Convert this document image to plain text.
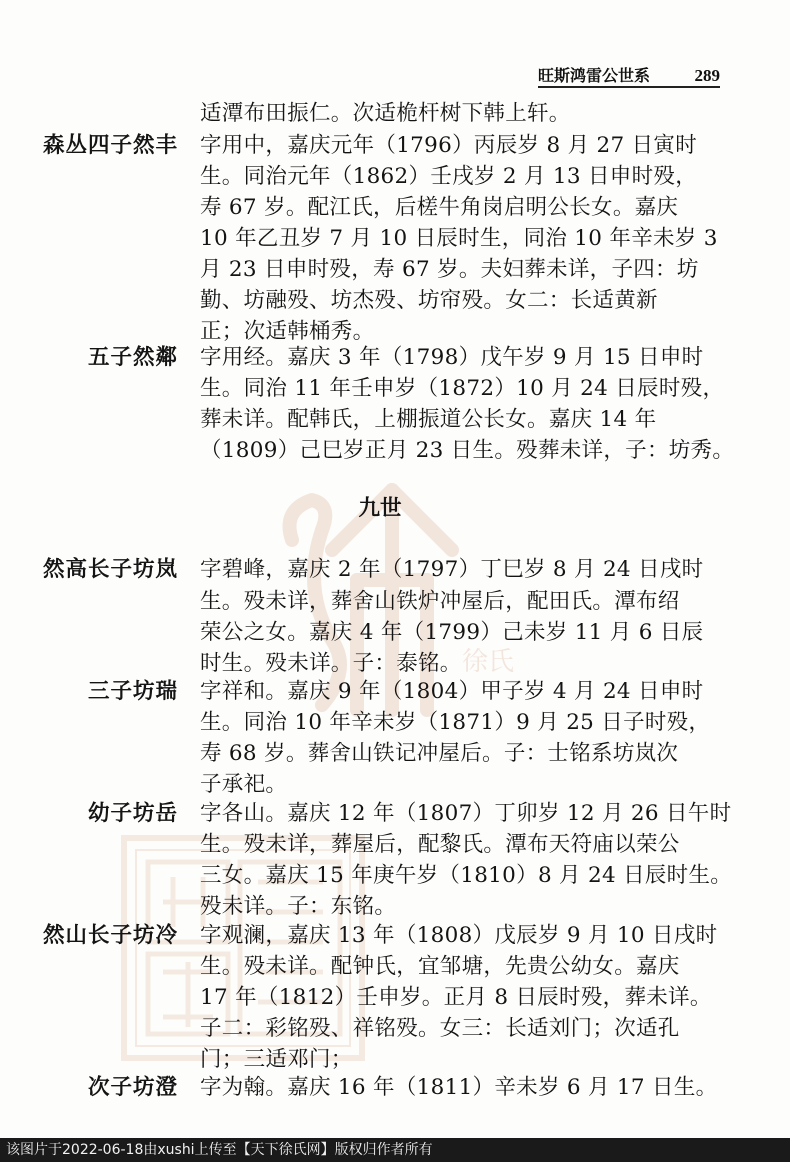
徐氏
旺斯鸿雷公世系	289
适潭布田振仁。次适桅杆树下韩上轩。
森丛四子然丰 字用中，嘉庆元年（1796）丙辰岁 8 月 27 日寅时
生。同治元年（1862）壬戌岁 2 月 13 日申时殁，
寿 67 岁。配江氏，后槎牛角岗启明公长女。嘉庆
10 年乙丑岁 7 月 10 日辰时生，同治 10 年辛未岁 3
月 23 日申时殁，寿 67 岁。夫妇葬未详，子四：坊
勤、坊融殁、坊杰殁、坊帘殁。女二：长适黄新
正；次适韩桶秀。
五子然鄰 字用经。嘉庆 3 年（1798）戊午岁 9 月 15 日申时
生。同治 11 年壬申岁（1872）10 月 24 日辰时殁，
葬未详。配韩氏，上棚振道公长女。嘉庆 14 年
（1809）己巳岁正月 23 日生。殁葬未详，子：坊秀。
九世
然高长子坊岚 字碧峰，嘉庆 2 年（1797）丁巳岁 8 月 24 日戌时
生。殁未详，葬舍山铁炉冲屋后，配田氏。潭布绍
荣公之女。嘉庆 4 年（1799）己未岁 11 月 6 日辰
时生。殁未详。子：泰铭。
三子坊瑞 字祥和。嘉庆 9 年（1804）甲子岁 4 月 24 日申时
生。同治 10 年辛未岁（1871）9 月 25 日子时殁，
寿 68 岁。葬舍山铁记冲屋后。子：士铭系坊岚次
子承祀。
幼子坊岳 字各山。嘉庆 12 年（1807）丁卯岁 12 月 26 日午时
生。殁未详，葬屋后，配黎氏。潭布天符庙以荣公
三女。嘉庆 15 年庚午岁（1810）8 月 24 日辰时生。
殁未详。子：东铭。
然山长子坊冷 字观澜，嘉庆 13 年（1808）戊辰岁 9 月 10 日戌时
生。殁未详。配钟氏，宜邹塘，先贵公幼女。嘉庆
17 年（1812）壬申岁。正月 8 日辰时殁，葬未详。
子二：彩铭殁、祥铭殁。女三：长适刘门；次适孔
门；三适邓门；
次子坊澄 字为翰。嘉庆 16 年（1811）辛未岁 6 月 17 日生。
该图片于2022-06-18由xushi上传至【天下徐氏网】版权归作者所有
